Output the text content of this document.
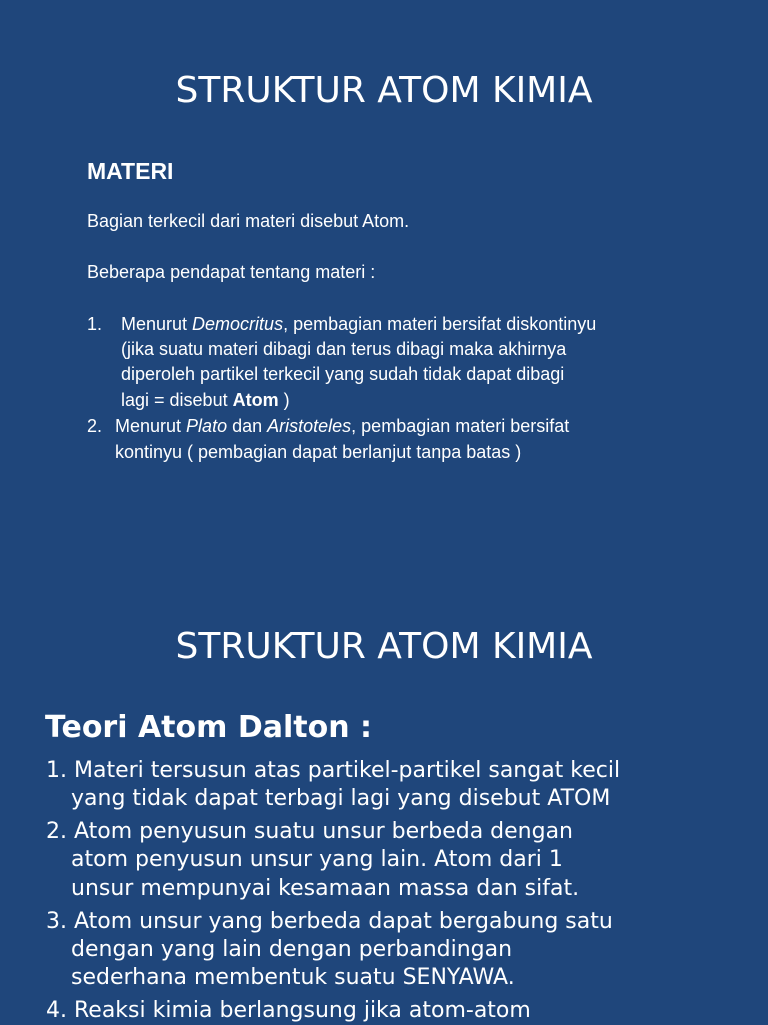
STRUKTUR ATOM KIMIA
MATERI

Bagian terkecil dari materi disebut Atom.

Beberapa pendapat tentang materi :

1. Menurut Democritus, pembagian materi bersifat diskontinyu

(jika suatu materi dibagi dan terus dibagi maka akhirnya

diperoleh partikel terkecil yang sudah tidak dapat dibagi

lagi = disebut Atom )

2. Menurut Plato dan Aristoteles, pembagian materi bersifat

kontinyu ( pembagian dapat berlanjut tanpa batas )

STRUKTUR ATOM KIMIA
Teori Atom Dalton :

1. Materi tersusun atas partikel-partikel sangat kecil

yang tidak dapat terbagi lagi yang disebut ATOM

2. Atom penyusun suatu unsur berbeda dengan

atom penyusun unsur yang lain. Atom dari 1

unsur mempunyai kesamaan massa dan sifat.

3. Atom unsur yang berbeda dapat bergabung satu

dengan yang lain dengan perbandingan

sederhana membentuk suatu SENYAWA.

4. Reaksi kimia berlangsung jika atom-atom
